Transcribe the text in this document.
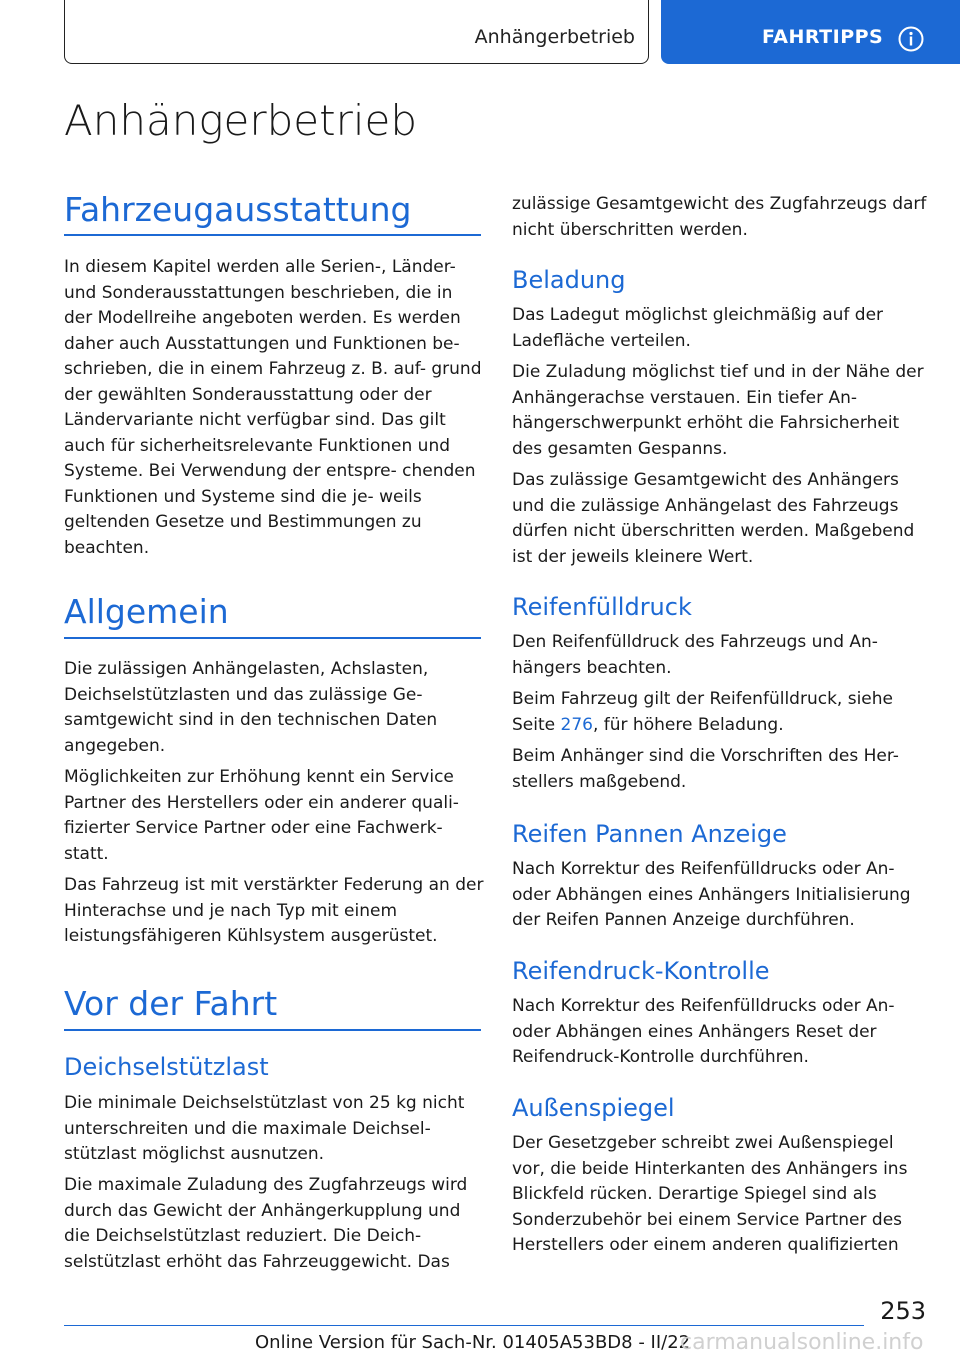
Anhängerbetrieb	FAHRTIPPS
Anhängerbetrieb
Fahrzeugausstattung
In diesem Kapitel werden alle Serien-, Länder- und Sonderausstattungen beschrieben, die in der Modellreihe angeboten werden. Es werden daher auch Ausstattungen und Funktionen be- schrieben, die in einem Fahrzeug z. B. auf- grund der gewählten Sonderausstattung oder der Ländervariante nicht verfügbar sind. Das gilt auch für sicherheitsrelevante Funktionen und Systeme. Bei Verwendung der entspre- chenden Funktionen und Systeme sind die je- weils geltenden Gesetze und Bestimmungen zu beachten.
Allgemein
Die zulässigen Anhängelasten, Achslasten, Deichselstützlasten und das zulässige Ge- samtgewicht sind in den technischen Daten angegeben.
Möglichkeiten zur Erhöhung kennt ein Service Partner des Herstellers oder ein anderer quali- fizierter Service Partner oder eine Fachwerk- statt.
Das Fahrzeug ist mit verstärkter Federung an der Hinterachse und je nach Typ mit einem leistungsfähigeren Kühlsystem ausgerüstet.
Vor der Fahrt
Deichselstützlast
Die minimale Deichselstützlast von 25 kg nicht unterschreiten und die maximale Deichsel- stützlast möglichst ausnutzen.
Die maximale Zuladung des Zugfahrzeugs wird durch das Gewicht der Anhängerkupplung und die Deichselstützlast reduziert. Die Deich- selstützlast erhöht das Fahrzeuggewicht. Das
zulässige Gesamtgewicht des Zugfahrzeugs darf nicht überschritten werden.
Beladung
Das Ladegut möglichst gleichmäßig auf der Ladefläche verteilen.
Die Zuladung möglichst tief und in der Nähe der Anhängerachse verstauen. Ein tiefer An- hängerschwerpunkt erhöht die Fahrsicherheit des gesamten Gespanns.
Das zulässige Gesamtgewicht des Anhängers und die zulässige Anhängelast des Fahrzeugs dürfen nicht überschritten werden. Maßgebend ist der jeweils kleinere Wert.
Reifenfülldruck
Den Reifenfülldruck des Fahrzeugs und An- hängers beachten.
Beim Fahrzeug gilt der Reifenfülldruck, siehe Seite 276, für höhere Beladung.
Beim Anhänger sind die Vorschriften des Her- stellers maßgebend.
Reifen Pannen Anzeige
Nach Korrektur des Reifenfülldrucks oder An- oder Abhängen eines Anhängers Initialisierung der Reifen Pannen Anzeige durchführen.
Reifendruck-Kontrolle
Nach Korrektur des Reifenfülldrucks oder An- oder Abhängen eines Anhängers Reset der Reifendruck-Kontrolle durchführen.
Außenspiegel
Der Gesetzgeber schreibt zwei Außenspiegel vor, die beide Hinterkanten des Anhängers ins Blickfeld rücken. Derartige Spiegel sind als Sonderzubehör bei einem Service Partner des Herstellers oder einem anderen qualifizierten
253
Online Version für Sach-Nr. 01405A53BD8 - II/22
carmanualsonline.info
